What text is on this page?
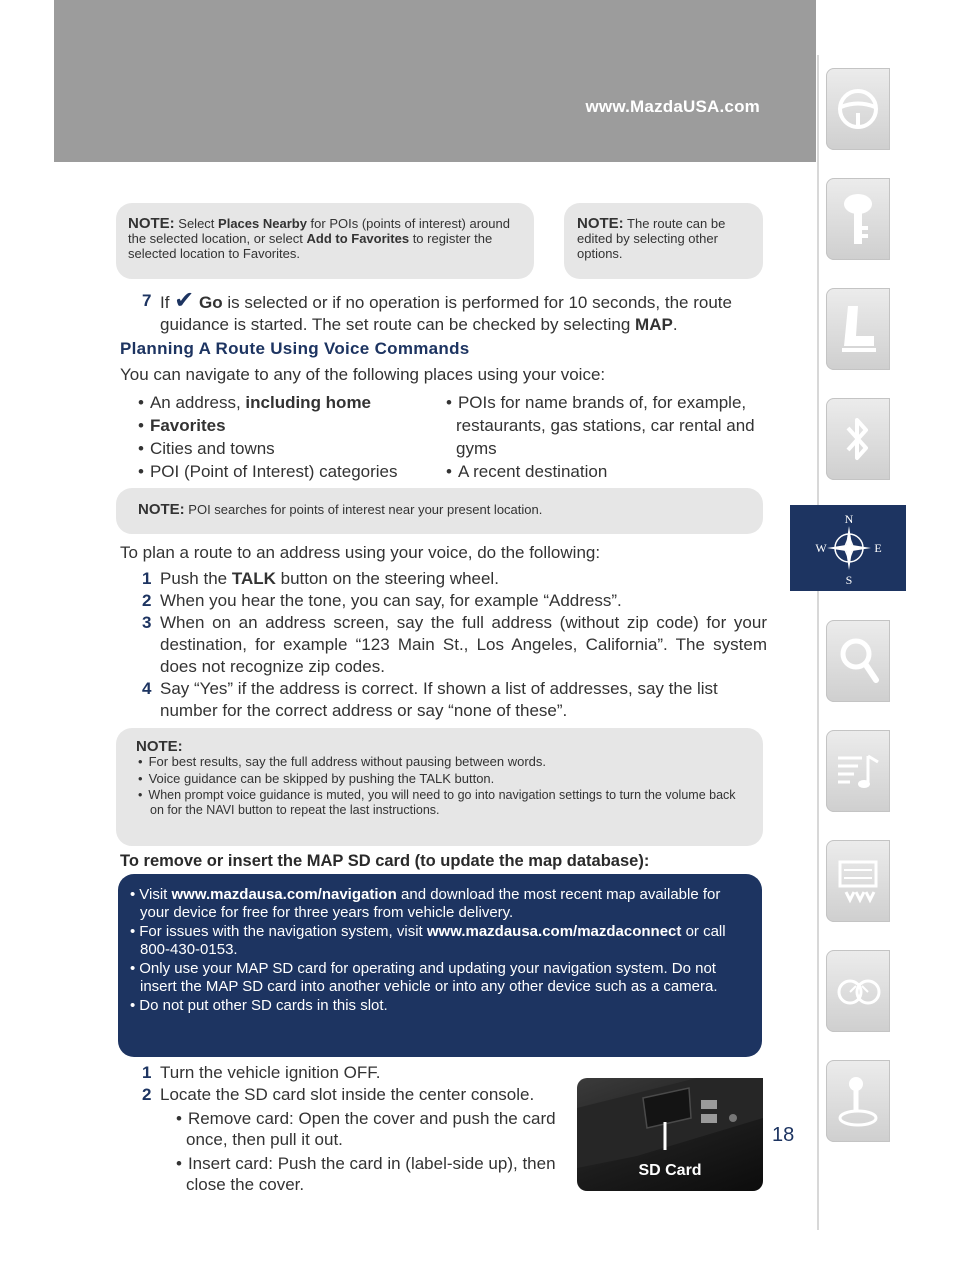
www.MazdaUSA.com
N
S
W	E
NOTE: Select Places Nearby for POIs (points of interest) around the selected location, or select Add to Favorites to register the selected location to Favorites.
NOTE: The route can be edited by selecting other options.
7 If ✔ Go is selected or if no operation is performed for 10 seconds, the route guidance is started. The set route can be checked by selecting MAP.
Planning A Route Using Voice Commands
You can navigate to any of the following places using your voice:
• An address, including home
• Favorites
• Cities and towns
• POI (Point of Interest) categories
• POIs for name brands of, for example, restaurants, gas stations, car rental and gyms
• A recent destination
NOTE: POI searches for points of interest near your present location.
To plan a route to an address using your voice, do the following:
1 Push the TALK button on the steering wheel.
2 When you hear the tone, you can say, for example “Address”.
3 When on an address screen, say the full address (without zip code) for your destination, for example “123 Main St., Los Angeles, California”. The system does not recognize zip codes.
4 Say “Yes” if the address is correct. If shown a list of addresses, say the list number for the correct address or say “none of these”.
NOTE:
• For best results, say the full address without pausing between words.
• Voice guidance can be skipped by pushing the TALK button.
• When prompt voice guidance is muted, you will need to go into navigation settings to turn the volume back on for the NAVI button to repeat the last instructions.
To remove or insert the MAP SD card (to update the map database):
• Visit www.mazdausa.com/navigation and download the most recent map available for your device for free for three years from vehicle delivery.
• For issues with the navigation system, visit www.mazdausa.com/mazdaconnect or call 800-430-0153.
• Only use your MAP SD card for operating and updating your navigation system. Do not insert the MAP SD card into another vehicle or into any other device such as a camera.
• Do not put other SD cards in this slot.
1 Turn the vehicle ignition OFF.
2 Locate the SD card slot inside the center console.
• Remove card: Open the cover and push the card once, then pull it out.
• Insert card: Push the card in (label-side up), then close the cover.
SD Card
18
